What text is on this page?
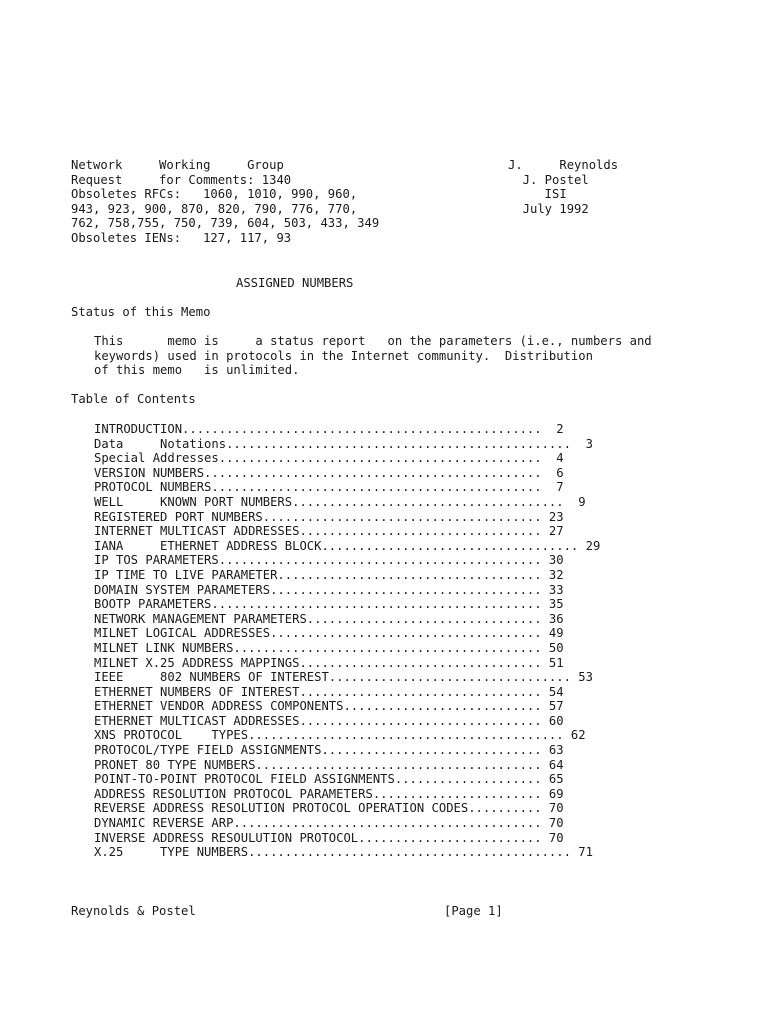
Network     Working     Group
Request     for Comments: 1340
Obsoletes RFCs:   1060, 1010, 990, 960,
943, 923, 900, 870, 820, 790, 776, 770,
762, 758,755, 750, 739, 604, 503, 433, 349
Obsoletes IENs:   127, 117, 93
J.     Reynolds
J. Postel
ISI
July 1992
ASSIGNED NUMBERS
Status of this Memo
This      memo is     a status report   on the parameters (i.e., numbers and
keywords) used in protocols in the Internet community.  Distribution
of this memo   is unlimited.
Table of Contents
INTRODUCTION.................................................  2
Data     Notations...............................................  3
Special Addresses............................................  4
VERSION NUMBERS..............................................  6
PROTOCOL NUMBERS.............................................  7
WELL     KNOWN PORT NUMBERS.....................................  9
REGISTERED PORT NUMBERS...................................... 23
INTERNET MULTICAST ADDRESSES................................. 27
IANA     ETHERNET ADDRESS BLOCK................................... 29
IP TOS PARAMETERS............................................ 30
IP TIME TO LIVE PARAMETER.................................... 32
DOMAIN SYSTEM PARAMETERS..................................... 33
BOOTP PARAMETERS............................................. 35
NETWORK MANAGEMENT PARAMETERS................................ 36
MILNET LOGICAL ADDRESSES..................................... 49
MILNET LINK NUMBERS.......................................... 50
MILNET X.25 ADDRESS MAPPINGS................................. 51
IEEE     802 NUMBERS OF INTEREST................................. 53
ETHERNET NUMBERS OF INTEREST................................. 54
ETHERNET VENDOR ADDRESS COMPONENTS........................... 57
ETHERNET MULTICAST ADDRESSES................................. 60
XNS PROTOCOL    TYPES........................................... 62
PROTOCOL/TYPE FIELD ASSIGNMENTS.............................. 63
PRONET 80 TYPE NUMBERS....................................... 64
POINT-TO-POINT PROTOCOL FIELD ASSIGNMENTS.................... 65
ADDRESS RESOLUTION PROTOCOL PARAMETERS....................... 69
REVERSE ADDRESS RESOLUTION PROTOCOL OPERATION CODES.......... 70
DYNAMIC REVERSE ARP.......................................... 70
INVERSE ADDRESS RESOULUTION PROTOCOL......................... 70
X.25     TYPE NUMBERS............................................ 71
Reynolds & Postel	[Page 1]
